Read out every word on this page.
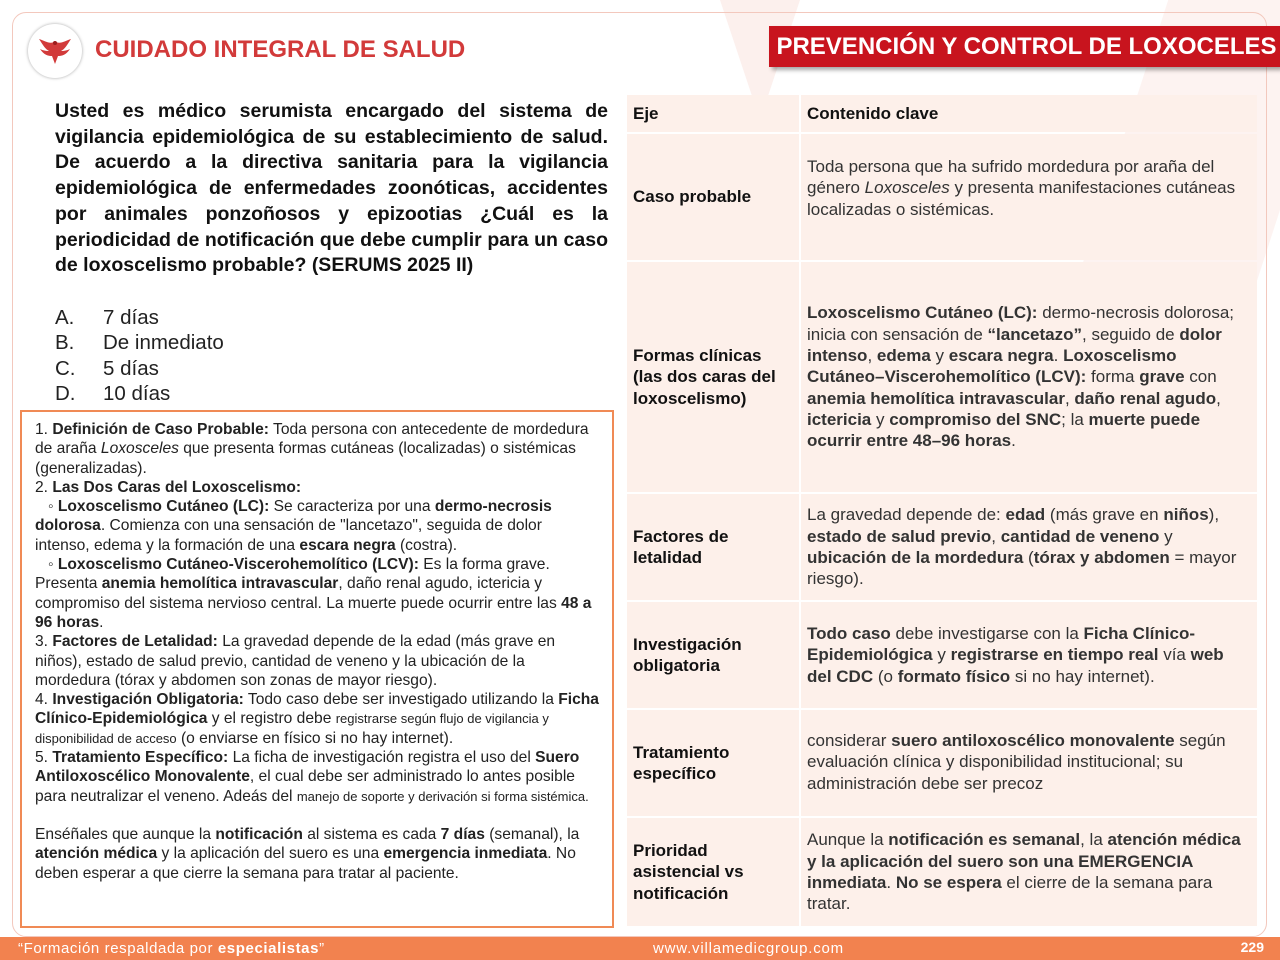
CUIDADO INTEGRAL DE SALUD	PREVENCIÓN Y CONTROL DE LOXOCELES
Usted es médico serumista encargado del sistema de vigilancia epidemiológica de su establecimiento de salud. De acuerdo a la directiva sanitaria para la vigilancia epidemiológica de enfermedades zoonóticas, accidentes por animales ponzoñosos y epizootias ¿Cuál es la periodicidad de notificación que debe cumplir para un caso de loxoscelismo probable? (SERUMS 2025 II)
A.	7 días
B.	De inmediato
C.	5 días
D.	10 días

1. Definición de Caso Probable: Toda persona con antecedente de mordedura de araña Loxosceles que presenta formas cutáneas (localizadas) o sistémicas (generalizadas).

2. Las Dos Caras del Loxoscelismo:

◦ Loxoscelismo Cutáneo (LC): Se caracteriza por una dermo-necrosis dolorosa. Comienza con una sensación de "lancetazo", seguida de dolor intenso, edema y la formación de una escara negra (costra).

◦ Loxoscelismo Cutáneo-Viscerohemolítico (LCV): Es la forma grave. Presenta anemia hemolítica intravascular, daño renal agudo, ictericia y compromiso del sistema nervioso central. La muerte puede ocurrir entre las 48 a 96 horas.

3. Factores de Letalidad: La gravedad depende de la edad (más grave en niños), estado de salud previo, cantidad de veneno y la ubicación de la mordedura (tórax y abdomen son zonas de mayor riesgo).

4. Investigación Obligatoria: Todo caso debe ser investigado utilizando la Ficha Clínico-Epidemiológica y el registro debe registrarse según flujo de vigilancia y disponibilidad de acceso (o enviarse en físico si no hay internet).

5. Tratamiento Específico: La ficha de investigación registra el uso del Suero Antiloxoscélico Monovalente, el cual debe ser administrado lo antes posible para neutralizar el veneno. Adeás del manejo de soporte y derivación si forma sistémica.

Enséñales que aunque la notificación al sistema es cada 7 días (semanal), la atención médica y la aplicación del suero es una emergencia inmediata. No deben esperar a que cierre la semana para tratar al paciente.

Eje	Contenido clave
Caso probable	Toda persona que ha sufrido mordedura por araña del género Loxosceles y presenta manifestaciones cutáneas localizadas o sistémicas.
Formas clínicas (las dos caras del loxoscelismo)	Loxoscelismo Cutáneo (LC): dermo-necrosis dolorosa; inicia con sensación de “lancetazo”, seguido de dolor intenso, edema y escara negra. Loxoscelismo Cutáneo–Viscerohemolítico (LCV): forma grave con anemia hemolítica intravascular, daño renal agudo, ictericia y compromiso del SNC; la muerte puede ocurrir entre 48–96 horas.
Factores de letalidad	La gravedad depende de: edad (más grave en niños), estado de salud previo, cantidad de veneno y ubicación de la mordedura (tórax y abdomen = mayor riesgo).
Investigación obligatoria	Todo caso debe investigarse con la Ficha Clínico-Epidemiológica y registrarse en tiempo real vía web del CDC (o formato físico si no hay internet).
Tratamiento específico	considerar suero antiloxoscélico monovalente según evaluación clínica y disponibilidad institucional; su administración debe ser precoz
Prioridad asistencial vs notificación	Aunque la notificación es semanal, la atención médica y la aplicación del suero son una EMERGENCIA inmediata. No se espera el cierre de la semana para tratar.
“Formación respaldada por especialistas”	www.villamedicgroup.com	229
